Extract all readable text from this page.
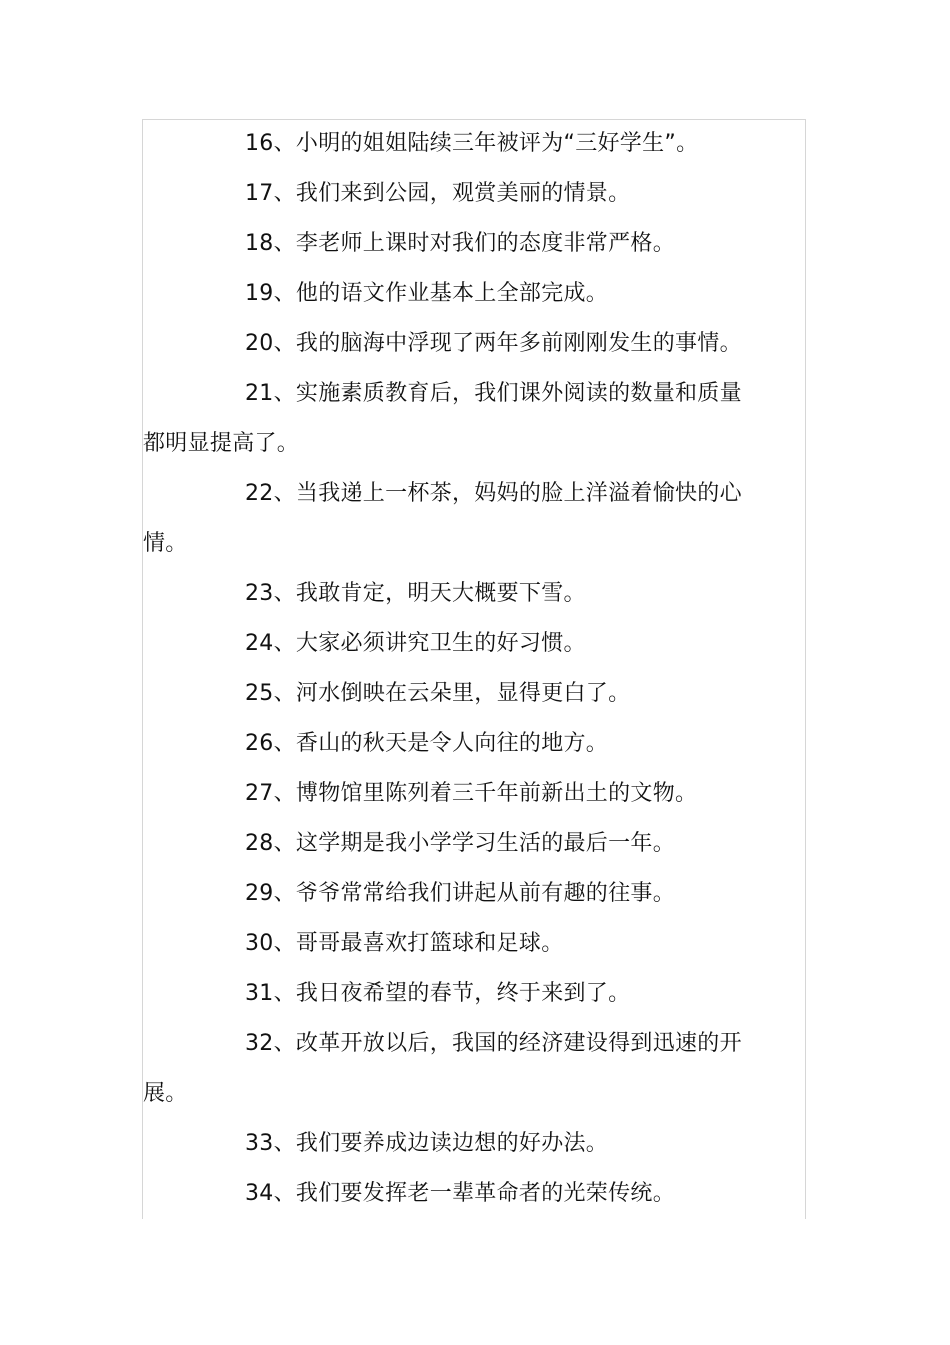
16、小明的姐姐陆续三年被评为“三好学生”。

17、我们来到公园，观赏美丽的情景。

18、李老师上课时对我们的态度非常严格。

19、他的语文作业基本上全部完成。

20、我的脑海中浮现了两年多前刚刚发生的事情。

21、实施素质教育后，我们课外阅读的数量和质量都明显提高了。

22、当我递上一杯茶，妈妈的脸上洋溢着愉快的心情。

23、我敢肯定，明天大概要下雪。

24、大家必须讲究卫生的好习惯。

25、河水倒映在云朵里，显得更白了。

26、香山的秋天是令人向往的地方。

27、博物馆里陈列着三千年前新出土的文物。

28、这学期是我小学学习生活的最后一年。

29、爷爷常常给我们讲起从前有趣的往事。

30、哥哥最喜欢打篮球和足球。

31、我日夜希望的春节，终于来到了。

32、改革开放以后，我国的经济建设得到迅速的开展。

33、我们要养成边读边想的好办法。

34、我们要发挥老一辈革命者的光荣传统。
